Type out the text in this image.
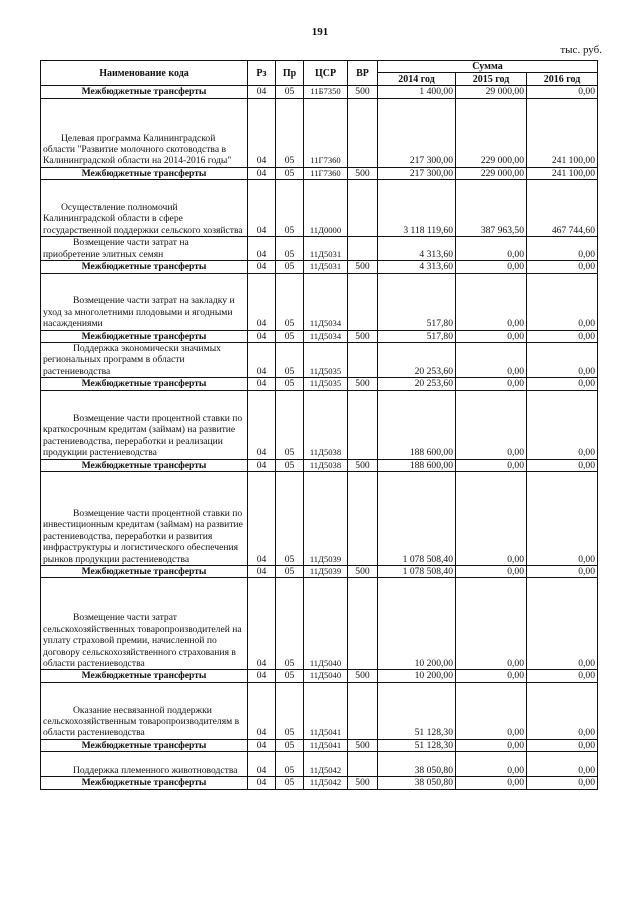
191
тыс. руб.
Наименование кода	Рз	Пр	ЦСР	ВР	Сумма		
					2014 год	2015 год	2016 год
Межбюджетные трансферты	04	05	11Б7350	500	1 400,00	29 000,00	0,00
Целевая программа Калининградской области "Развитие молочного скотоводства в Калининградской области на 2014-2016 годы"	04	05	11Г7360		217 300,00	229 000,00	241 100,00
Межбюджетные трансферты	04	05	11Г7360	500	217 300,00	229 000,00	241 100,00
Осуществление полномочий Калининградской области в сфере государственной поддержки сельского хозяйства	04	05	11Д0000		3 118 119,60	387 963,50	467 744,60
Возмещение части затрат на приобретение элитных семян	04	05	11Д5031		4 313,60	0,00	0,00
Межбюджетные трансферты	04	05	11Д5031	500	4 313,60	0,00	0,00
Возмещение части затрат на закладку и уход за многолетними плодовыми и ягодными насаждениями	04	05	11Д5034		517,80	0,00	0,00
Межбюджетные трансферты	04	05	11Д5034	500	517,80	0,00	0,00
Поддержка экономически значимых региональных программ в области растениеводства	04	05	11Д5035		20 253,60	0,00	0,00
Межбюджетные трансферты	04	05	11Д5035	500	20 253,60	0,00	0,00
Возмещение части процентной ставки по краткосрочным кредитам (займам) на развитие растениеводства, переработки и реализации продукции растениеводства	04	05	11Д5038		188 600,00	0,00	0,00
Межбюджетные трансферты	04	05	11Д5038	500	188 600,00	0,00	0,00
Возмещение части процентной ставки по инвестиционным кредитам (займам) на развитие растениеводства, переработки и развития инфраструктуры и логистического обеспечения рынков продукции растениеводства	04	05	11Д5039		1 078 508,40	0,00	0,00
Межбюджетные трансферты	04	05	11Д5039	500	1 078 508,40	0,00	0,00
Возмещение части затрат сельскохозяйственных товаропроизводителей на уплату страховой премии, начисленной по договору сельскохозяйственного страхования в области растениеводства	04	05	11Д5040		10 200,00	0,00	0,00
Межбюджетные трансферты	04	05	11Д5040	500	10 200,00	0,00	0,00
Оказание несвязанной поддержки сельскохозяйственным товаропроизводителям в области растениеводства	04	05	11Д5041		51 128,30	0,00	0,00
Межбюджетные трансферты	04	05	11Д5041	500	51 128,30	0,00	0,00
Поддержка племенного животноводства	04	05	11Д5042		38 050,80	0,00	0,00
Межбюджетные трансферты	04	05	11Д5042	500	38 050,80	0,00	0,00
